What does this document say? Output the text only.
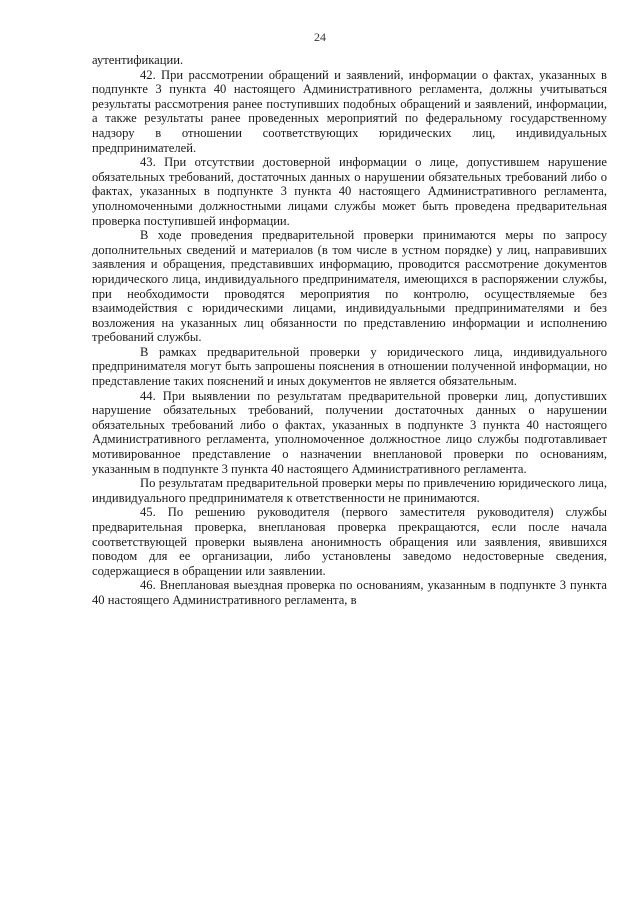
24

аутентификации.

42. При рассмотрении обращений и заявлений, информации о фактах, указанных в подпункте 3 пункта 40 настоящего Административного регламента, должны учитываться результаты рассмотрения ранее поступивших подобных обращений и заявлений, информации, а также результаты ранее проведенных мероприятий по федеральному государственному надзору в отношении соответствующих юридических лиц, индивидуальных предпринимателей.

43. При отсутствии достоверной информации о лице, допустившем нарушение обязательных требований, достаточных данных о нарушении обязательных требований либо о фактах, указанных в подпункте 3 пункта 40 настоящего Административного регламента, уполномоченными должностными лицами службы может быть проведена предварительная проверка поступившей информации.

В ходе проведения предварительной проверки принимаются меры по запросу дополнительных сведений и материалов (в том числе в устном порядке) у лиц, направивших заявления и обращения, представивших информацию, проводится рассмотрение документов юридического лица, индивидуального предпринимателя, имеющихся в распоряжении службы, при необходимости проводятся мероприятия по контролю, осуществляемые без взаимодействия с юридическими лицами, индивидуальными предпринимателями и без возложения на указанных лиц обязанности по представлению информации и исполнению требований службы.

В рамках предварительной проверки у юридического лица, индивидуального предпринимателя могут быть запрошены пояснения в отношении полученной информации, но представление таких пояснений и иных документов не является обязательным.

44. При выявлении по результатам предварительной проверки лиц, допустивших нарушение обязательных требований, получении достаточных данных о нарушении обязательных требований либо о фактах, указанных в подпункте 3 пункта 40 настоящего Административного регламента, уполномоченное должностное лицо службы подготавливает мотивированное представление о назначении внеплановой проверки по основаниям, указанным в подпункте 3 пункта 40 настоящего Административного регламента.

По результатам предварительной проверки меры по привлечению юридического лица, индивидуального предпринимателя к ответственности не принимаются.

45. По решению руководителя (первого заместителя руководителя) службы предварительная проверка, внеплановая проверка прекращаются, если после начала соответствующей проверки выявлена анонимность обращения или заявления, явившихся поводом для ее организации, либо установлены заведомо недостоверные сведения, содержащиеся в обращении или заявлении.

46. Внеплановая выездная проверка по основаниям, указанным в подпункте 3 пункта 40 настоящего Административного регламента, в
